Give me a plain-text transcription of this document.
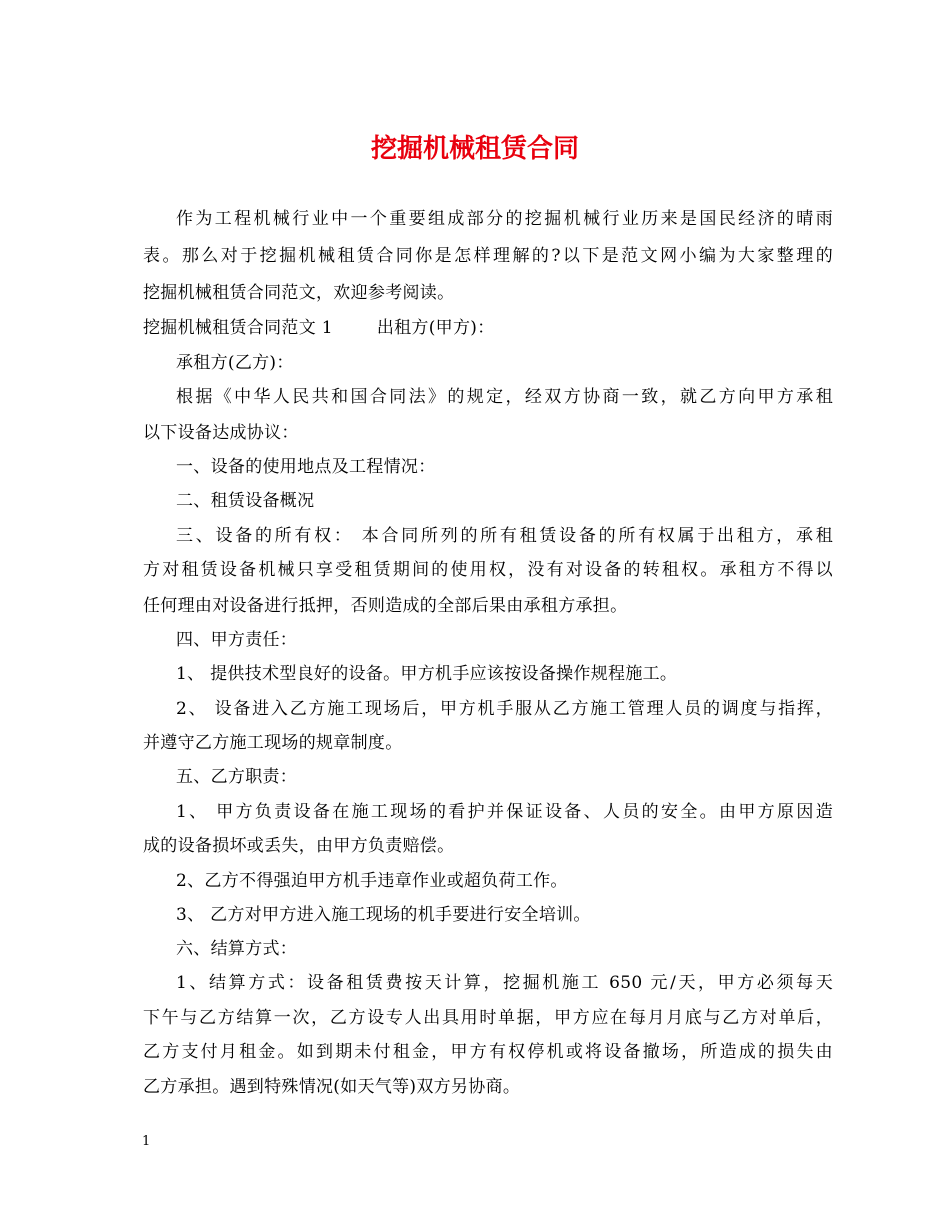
挖掘机械租赁合同
作为工程机械行业中一个重要组成部分的挖掘机械行业历来是国民经济的晴雨
表。那么对于挖掘机械租赁合同你是怎样理解的?以下是范文网小编为大家整理的
挖掘机械租赁合同范文，欢迎参考阅读。
挖掘机械租赁合同范文 1	出租方(甲方)：
承租方(乙方)：
根据《中华人民共和国合同法》的规定，经双方协商一致，就乙方向甲方承租
以下设备达成协议：
一、设备的使用地点及工程情况：
二、租赁设备概况
三、设备的所有权： 本合同所列的所有租赁设备的所有权属于出租方，承租
方对租赁设备机械只享受租赁期间的使用权，没有对设备的转租权。承租方不得以
任何理由对设备进行抵押，否则造成的全部后果由承租方承担。
四、甲方责任：
1、 提供技术型良好的设备。甲方机手应该按设备操作规程施工。
2、 设备进入乙方施工现场后，甲方机手服从乙方施工管理人员的调度与指挥，
并遵守乙方施工现场的规章制度。
五、乙方职责：
1、 甲方负责设备在施工现场的看护并保证设备、人员的安全。由甲方原因造
成的设备损坏或丢失，由甲方负责赔偿。
2、乙方不得强迫甲方机手违章作业或超负荷工作。
3、 乙方对甲方进入施工现场的机手要进行安全培训。
六、结算方式：
1、结算方式：设备租赁费按天计算，挖掘机施工 650 元/天，甲方必须每天
下午与乙方结算一次，乙方设专人出具用时单据，甲方应在每月月底与乙方对单后，
乙方支付月租金。如到期未付租金，甲方有权停机或将设备撤场，所造成的损失由
乙方承担。遇到特殊情况(如天气等)双方另协商。
1
